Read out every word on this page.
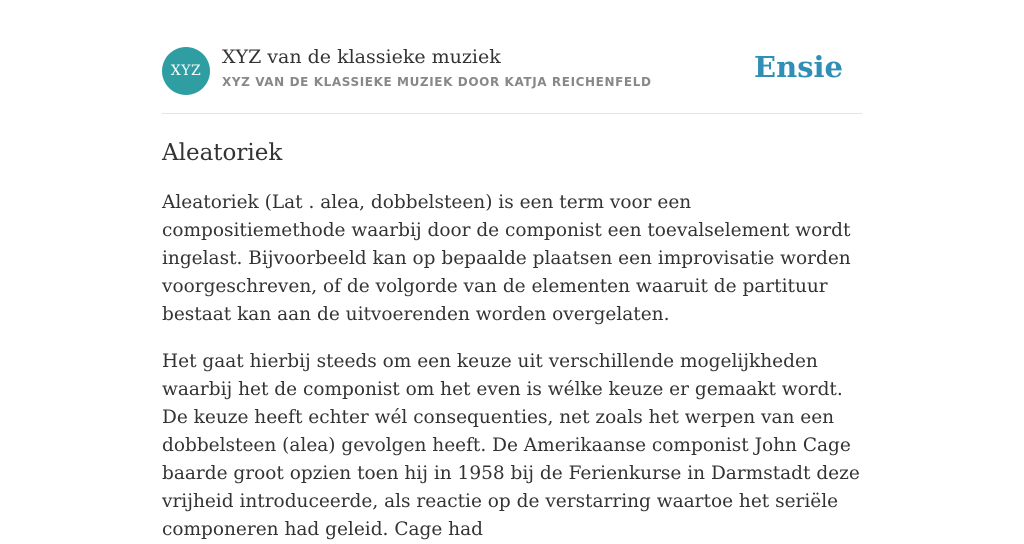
XYZ
XYZ van de klassieke muziek
XYZ VAN DE KLASSIEKE MUZIEK DOOR KATJA REICHENFELD	Ensie
Aleatoriek

Aleatoriek (Lat . alea, dobbelsteen) is een term voor een compositiemethode waarbij door de componist een toevalselement wordt ingelast. Bijvoorbeeld kan op bepaalde plaatsen een improvisatie worden voorgeschreven, of de volgorde van de elementen waaruit de partituur bestaat kan aan de uitvoerenden worden overgelaten.

Het gaat hierbij steeds om een keuze uit verschillende mogelijkheden waarbij het de componist om het even is wélke keuze er gemaakt wordt. De keuze heeft echter wél consequenties, net zoals het werpen van een dobbelsteen (alea) gevolgen heeft. De Amerikaanse componist John Cage baarde groot opzien toen hij in 1958 bij de Ferienkurse in Darmstadt deze vrijheid introduceerde, als reactie op de verstarring waartoe het seriële componeren had geleid. Cage had
